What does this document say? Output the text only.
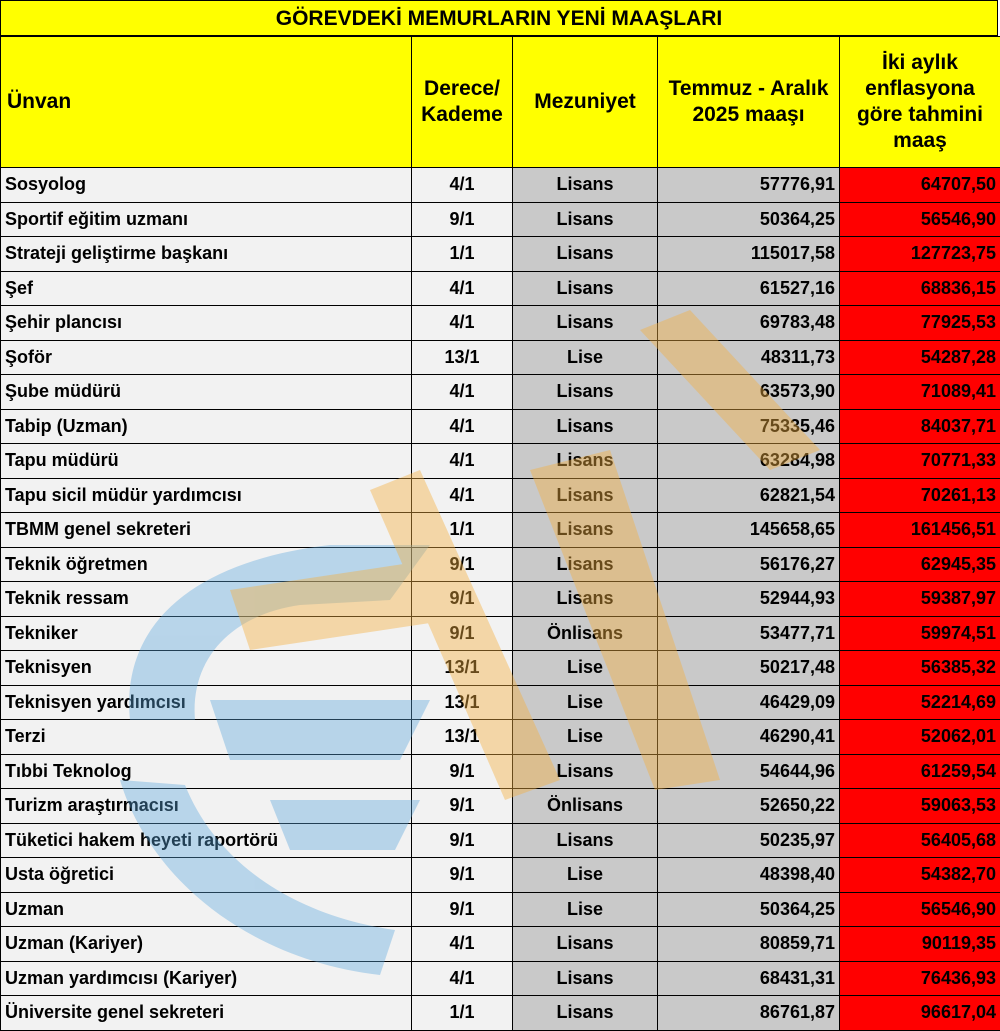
GÖREVDEKİ MEMURLARIN YENİ MAAŞLARI
Ünvan	Derece/ Kademe	Mezuniyet	Temmuz - Aralık 2025 maaşı	İki aylık enflasyona göre tahmini maaş
Sosyolog	4/1	Lisans	57776,91	64707,50
Sportif eğitim uzmanı	9/1	Lisans	50364,25	56546,90
Strateji geliştirme başkanı	1/1	Lisans	115017,58	127723,75
Şef	4/1	Lisans	61527,16	68836,15
Şehir plancısı	4/1	Lisans	69783,48	77925,53
Şoför	13/1	Lise	48311,73	54287,28
Şube müdürü	4/1	Lisans	63573,90	71089,41
Tabip (Uzman)	4/1	Lisans	75335,46	84037,71
Tapu müdürü	4/1	Lisans	63284,98	70771,33
Tapu sicil müdür yardımcısı	4/1	Lisans	62821,54	70261,13
TBMM genel sekreteri	1/1	Lisans	145658,65	161456,51
Teknik öğretmen	9/1	Lisans	56176,27	62945,35
Teknik ressam	9/1	Lisans	52944,93	59387,97
Tekniker	9/1	Önlisans	53477,71	59974,51
Teknisyen	13/1	Lise	50217,48	56385,32
Teknisyen yardımcısı	13/1	Lise	46429,09	52214,69
Terzi	13/1	Lise	46290,41	52062,01
Tıbbi Teknolog	9/1	Lisans	54644,96	61259,54
Turizm araştırmacısı	9/1	Önlisans	52650,22	59063,53
Tüketici hakem heyeti raportörü	9/1	Lisans	50235,97	56405,68
Usta öğretici	9/1	Lise	48398,40	54382,70
Uzman	9/1	Lise	50364,25	56546,90
Uzman (Kariyer)	4/1	Lisans	80859,71	90119,35
Uzman yardımcısı (Kariyer)	4/1	Lisans	68431,31	76436,93
Üniversite genel sekreteri	1/1	Lisans	86761,87	96617,04
